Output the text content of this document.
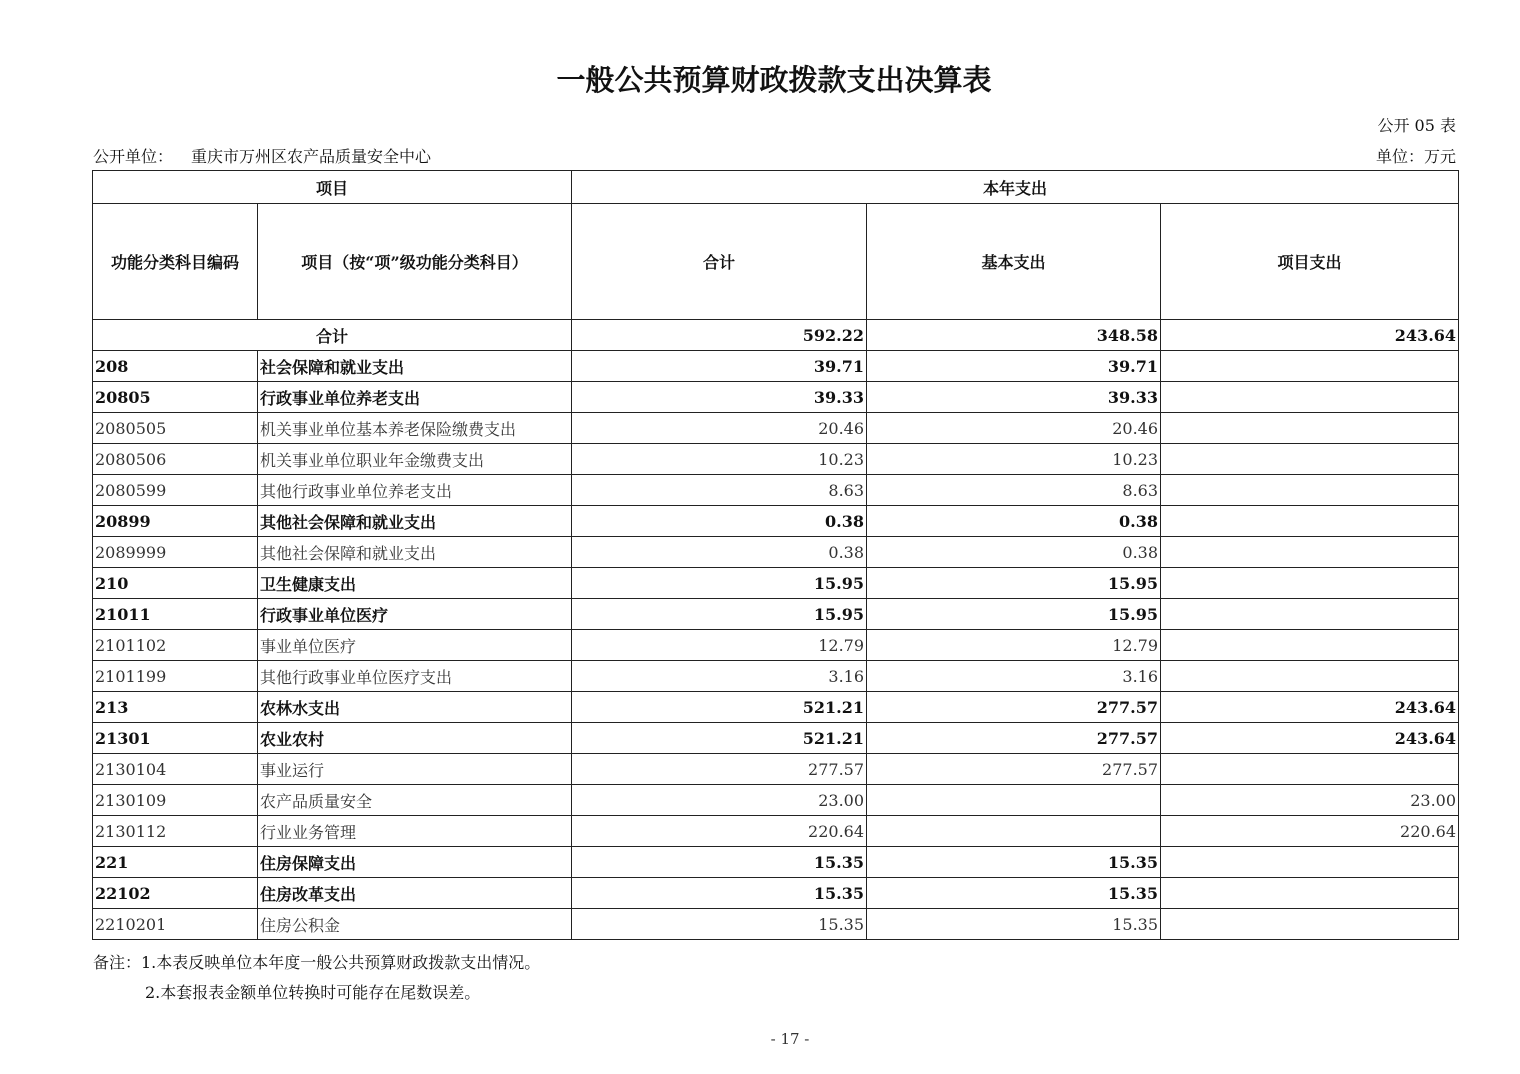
一般公共预算财政拨款支出决算表
公开 05 表
公开单位： 重庆市万州区农产品质量安全中心	单位：万元
项目		本年支出		
功能分类科目编码	项目（按“项”级功能分类科目）	合计	基本支出	项目支出
合计		592.22	348.58	243.64
208	社会保障和就业支出	39.71	39.71	
20805	行政事业单位养老支出	39.33	39.33	
2080505	机关事业单位基本养老保险缴费支出	20.46	20.46	
2080506	机关事业单位职业年金缴费支出	10.23	10.23	
2080599	其他行政事业单位养老支出	8.63	8.63	
20899	其他社会保障和就业支出	0.38	0.38	
2089999	其他社会保障和就业支出	0.38	0.38	
210	卫生健康支出	15.95	15.95	
21011	行政事业单位医疗	15.95	15.95	
2101102	事业单位医疗	12.79	12.79	
2101199	其他行政事业单位医疗支出	3.16	3.16	
213	农林水支出	521.21	277.57	243.64
21301	农业农村	521.21	277.57	243.64
2130104	事业运行	277.57	277.57	
2130109	农产品质量安全	23.00		23.00
2130112	行业业务管理	220.64		220.64
221	住房保障支出	15.35	15.35	
22102	住房改革支出	15.35	15.35	
2210201	住房公积金	15.35	15.35	
备注：1.本表反映单位本年度一般公共预算财政拨款支出情况。
2.本套报表金额单位转换时可能存在尾数误差。
- 17 -
